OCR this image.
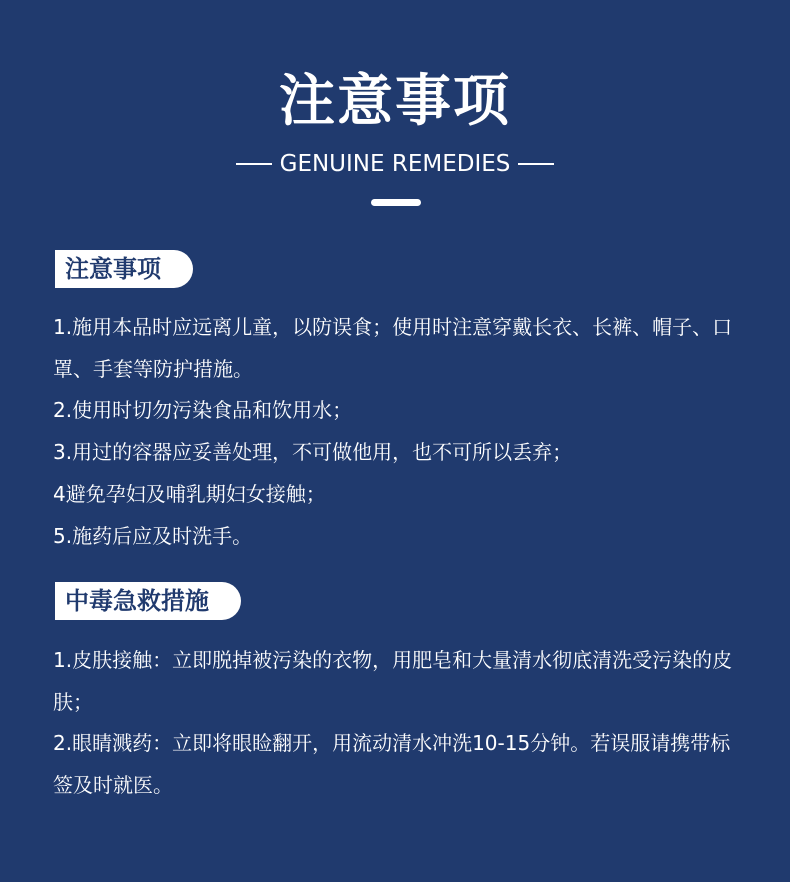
注意事项
GENUINE REMEDIES
注意事项

1.施用本品时应远离儿童，以防误食；使用时注意穿戴长衣、长裤、帽子、口罩、手套等防护措施。

2.使用时切勿污染食品和饮用水；

3.用过的容器应妥善处理，不可做他用，也不可所以丢弃；

4避免孕妇及哺乳期妇女接触；

5.施药后应及时洗手。

中毒急救措施

1.皮肤接触：立即脱掉被污染的衣物，用肥皂和大量清水彻底清洗受污染的皮肤；

2.眼睛溅药：立即将眼睑翻开，用流动清水冲洗10-15分钟。若误服请携带标签及时就医。
